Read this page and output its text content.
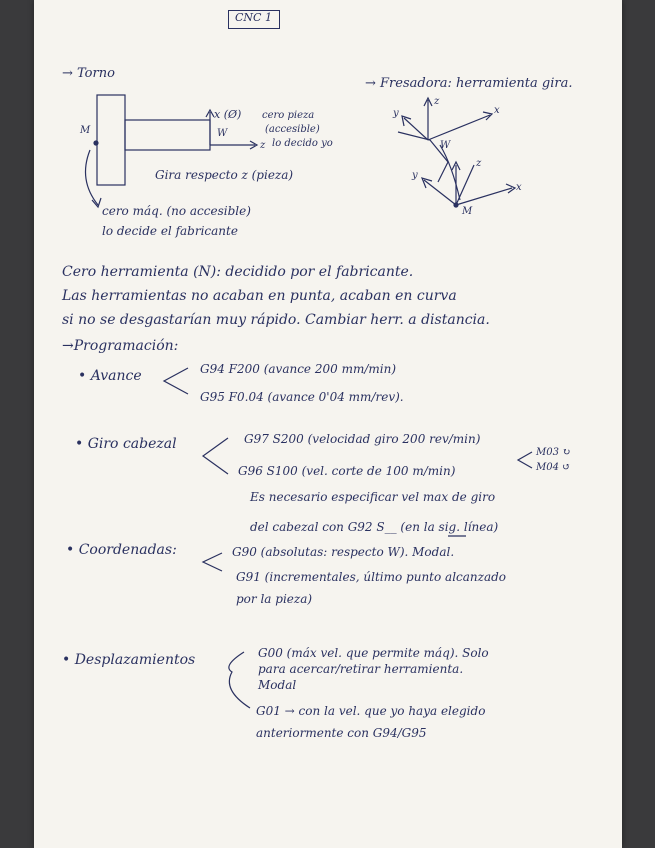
CNC 1
→ Torno
M
x (Ø)
W
z
cero pieza
(accesible)
lo decido yo
Gira respecto z (pieza)
cero máq. (no accesible)
lo decide el fabricante
→ Fresadora: herramienta gira.
x
y
z
W
x
y
z
M
Cero herramienta (N): decidido por el fabricante.
Las herramientas no acaban en punta, acaban en curva
si no se desgastarían muy rápido. Cambiar herr. a distancia.
→Programación:
• Avance	G94 F200 (avance 200 mm/min)
G95 F0.04 (avance 0'04 mm/rev).
• Giro cabezal	G97 S200 (velocidad giro 200 rev/min)
M03 ↻
M04 ↺
G96 S100 (vel. corte de 100 m/min)
Es necesario especificar vel max de giro
del cabezal con G92 S__ (en la sig. línea)
• Coordenadas:	G90 (absolutas: respecto W). Modal.
G91 (incrementales, último punto alcanzado
por la pieza)
• Desplazamientos	G00 (máx vel. que permite máq). Solo
para acercar/retirar herramienta.
Modal
G01 → con la vel. que yo haya elegido
anteriormente con G94/G95
